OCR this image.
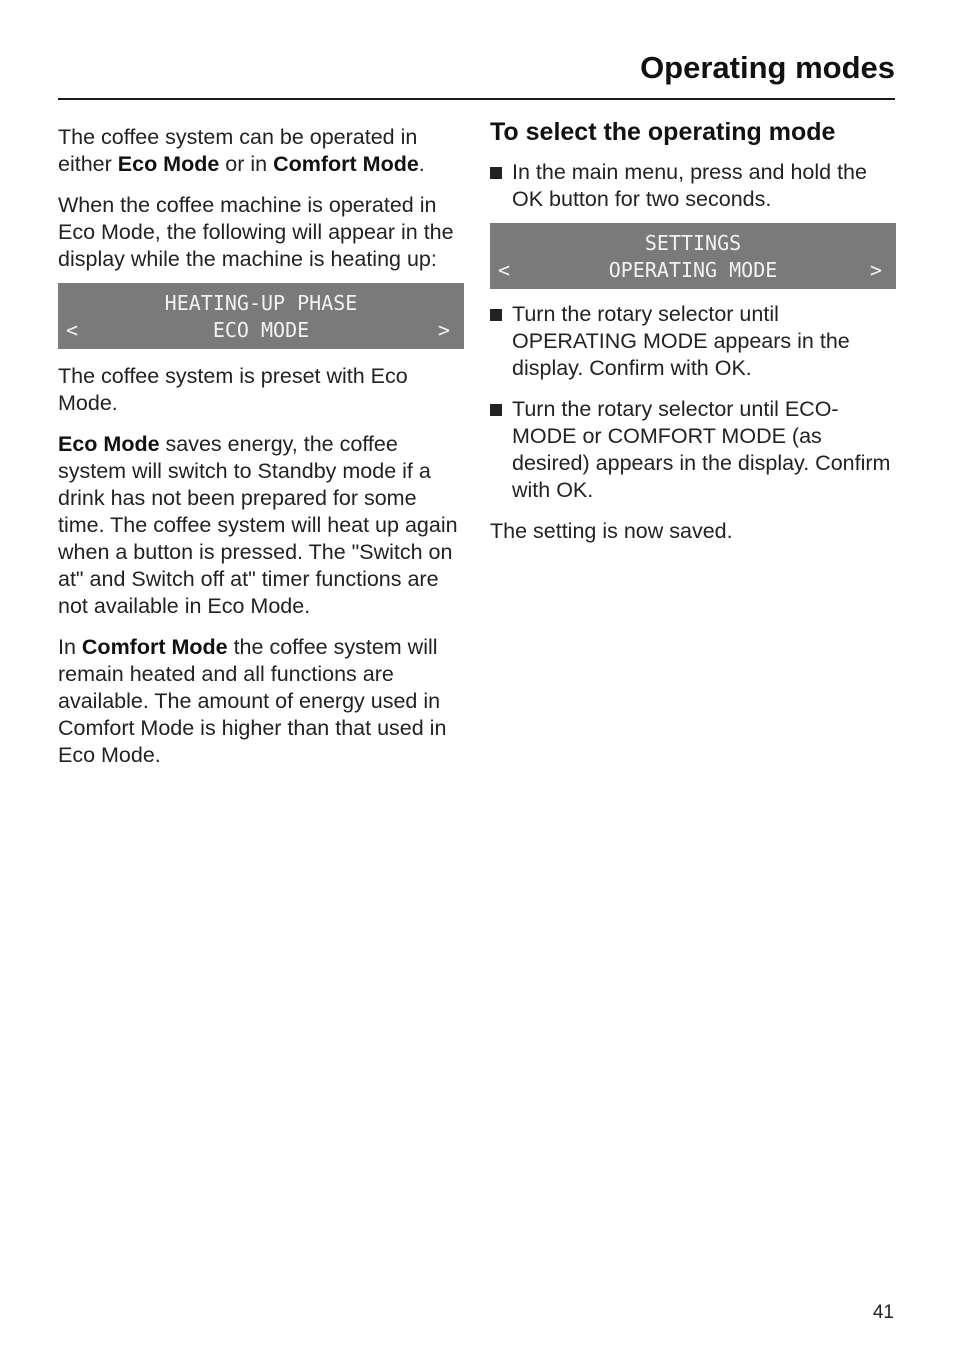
Operating modes

The coffee system can be operated in either Eco Mode or in Comfort Mode.

When the coffee machine is operated in Eco Mode, the following will appear in the display while the machine is heating up:

HEATING-UP PHASE
ECO MODE
<	>

The coffee system is preset with Eco Mode.

Eco Mode saves energy, the coffee system will switch to Standby mode if a drink has not been prepared for some time. The coffee system will heat up again when a button is pressed. The "Switch on at" and Switch off at" timer functions are not available in Eco Mode.

In Comfort Mode the coffee system will remain heated and all functions are available. The amount of energy used in Comfort Mode is higher than that used in Eco Mode.

To select the operating mode

In the main menu, press and hold the OK button for two seconds.

SETTINGS
OPERATING MODE
<	>

Turn the rotary selector until OPERATING MODE appears in the display. Confirm with OK.

Turn the rotary selector until ECO-MODE or COMFORT MODE (as desired) appears in the display. Confirm with OK.

The setting is now saved.

41
